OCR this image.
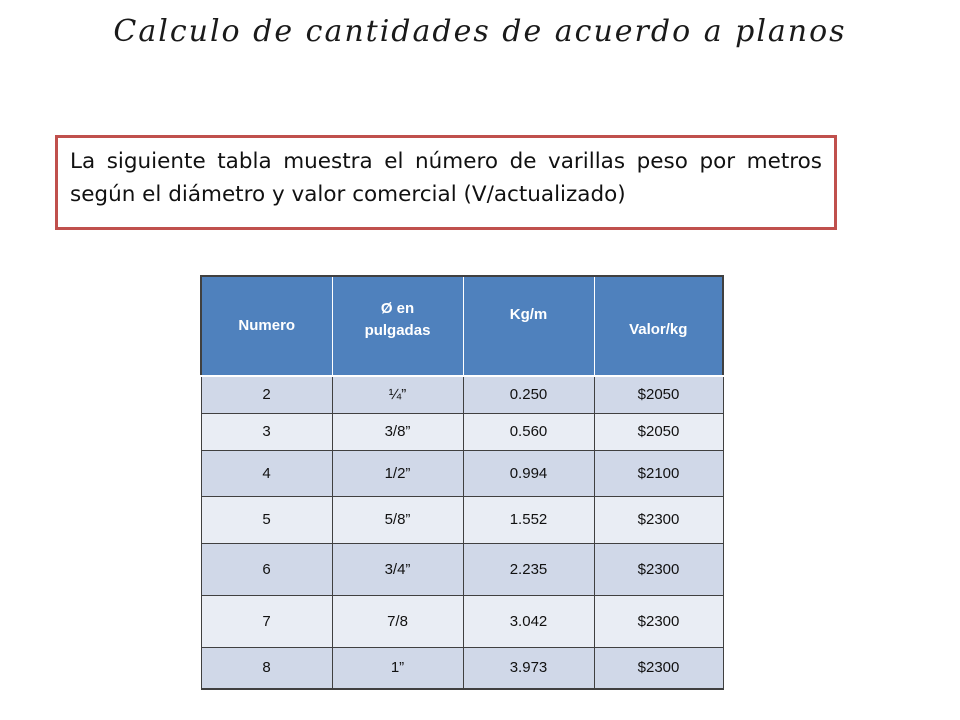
Calculo de cantidades de acuerdo a planos
La siguiente tabla muestra el número de varillas peso por metros según el diámetro y valor comercial (V/actualizado)
Numero	Ø en pulgadas	Kg/m	Valor/kg
2	¼”	0.250	$2050
3	3/8”	0.560	$2050
4	1/2”	0.994	$2100
5	5/8”	1.552	$2300
6	3/4”	2.235	$2300
7	7/8	3.042	$2300
8	1”	3.973	$2300
